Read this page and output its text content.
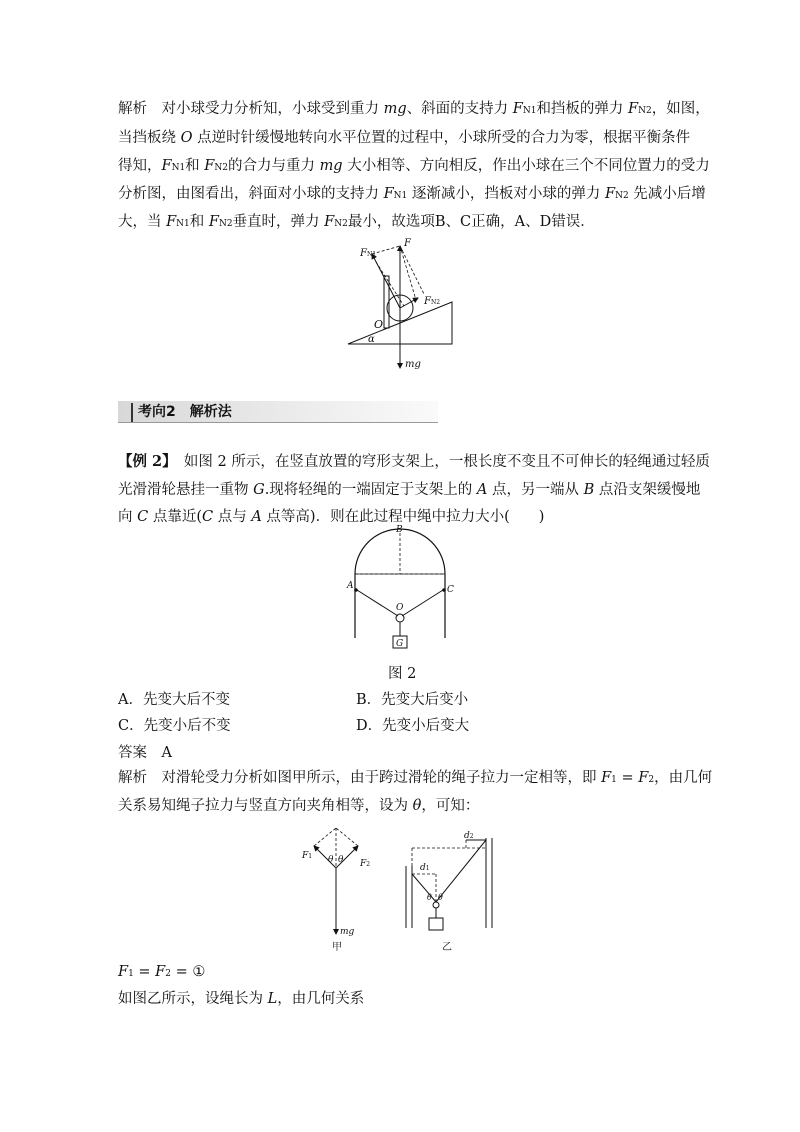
解析　对小球受力分析知，小球受到重力 mg、斜面的支持力 FN1和挡板的弹力 FN2，如图，

当挡板绕 O 点逆时针缓慢地转向水平位置的过程中，小球所受的合力为零，根据平衡条件

得知，FN1和 FN2的合力与重力 mg 大小相等、方向相反，作出小球在三个不同位置力的受力

分析图，由图看出，斜面对小球的支持力 FN1 逐渐减小，挡板对小球的弹力 FN2 先减小后增

大，当 FN1和 FN2垂直时，弹力 FN2最小，故选项B、C正确，A、D错误．

F
FN1
FN2
O
α
mg
考向2　解析法

【例 2】　如图 2 所示，在竖直放置的穹形支架上，一根长度不变且不可伸长的轻绳通过轻质

光滑滑轮悬挂一重物 G.现将轻绳的一端固定于支架上的 A 点，另一端从 B 点沿支架缓慢地

向 C 点靠近(C 点与 A 点等高)．则在此过程中绳中拉力大小(　　)

B
A	C
O
G
图 2
A．先变大后不变	B．先变大后变小
C．先变小后不变	D．先变小后变大
答案　 A

解析　对滑轮受力分析如图甲所示，由于跨过滑轮的绳子拉力一定相等，即 F1 = F2，由几何

关系易知绳子拉力与竖直方向夹角相等，设为 θ，可知：

F1
F2
θ θ
mg
甲
d2
d1
θ θ
乙

F1 = F2 = ①

如图乙所示，设绳长为 L，由几何关系
